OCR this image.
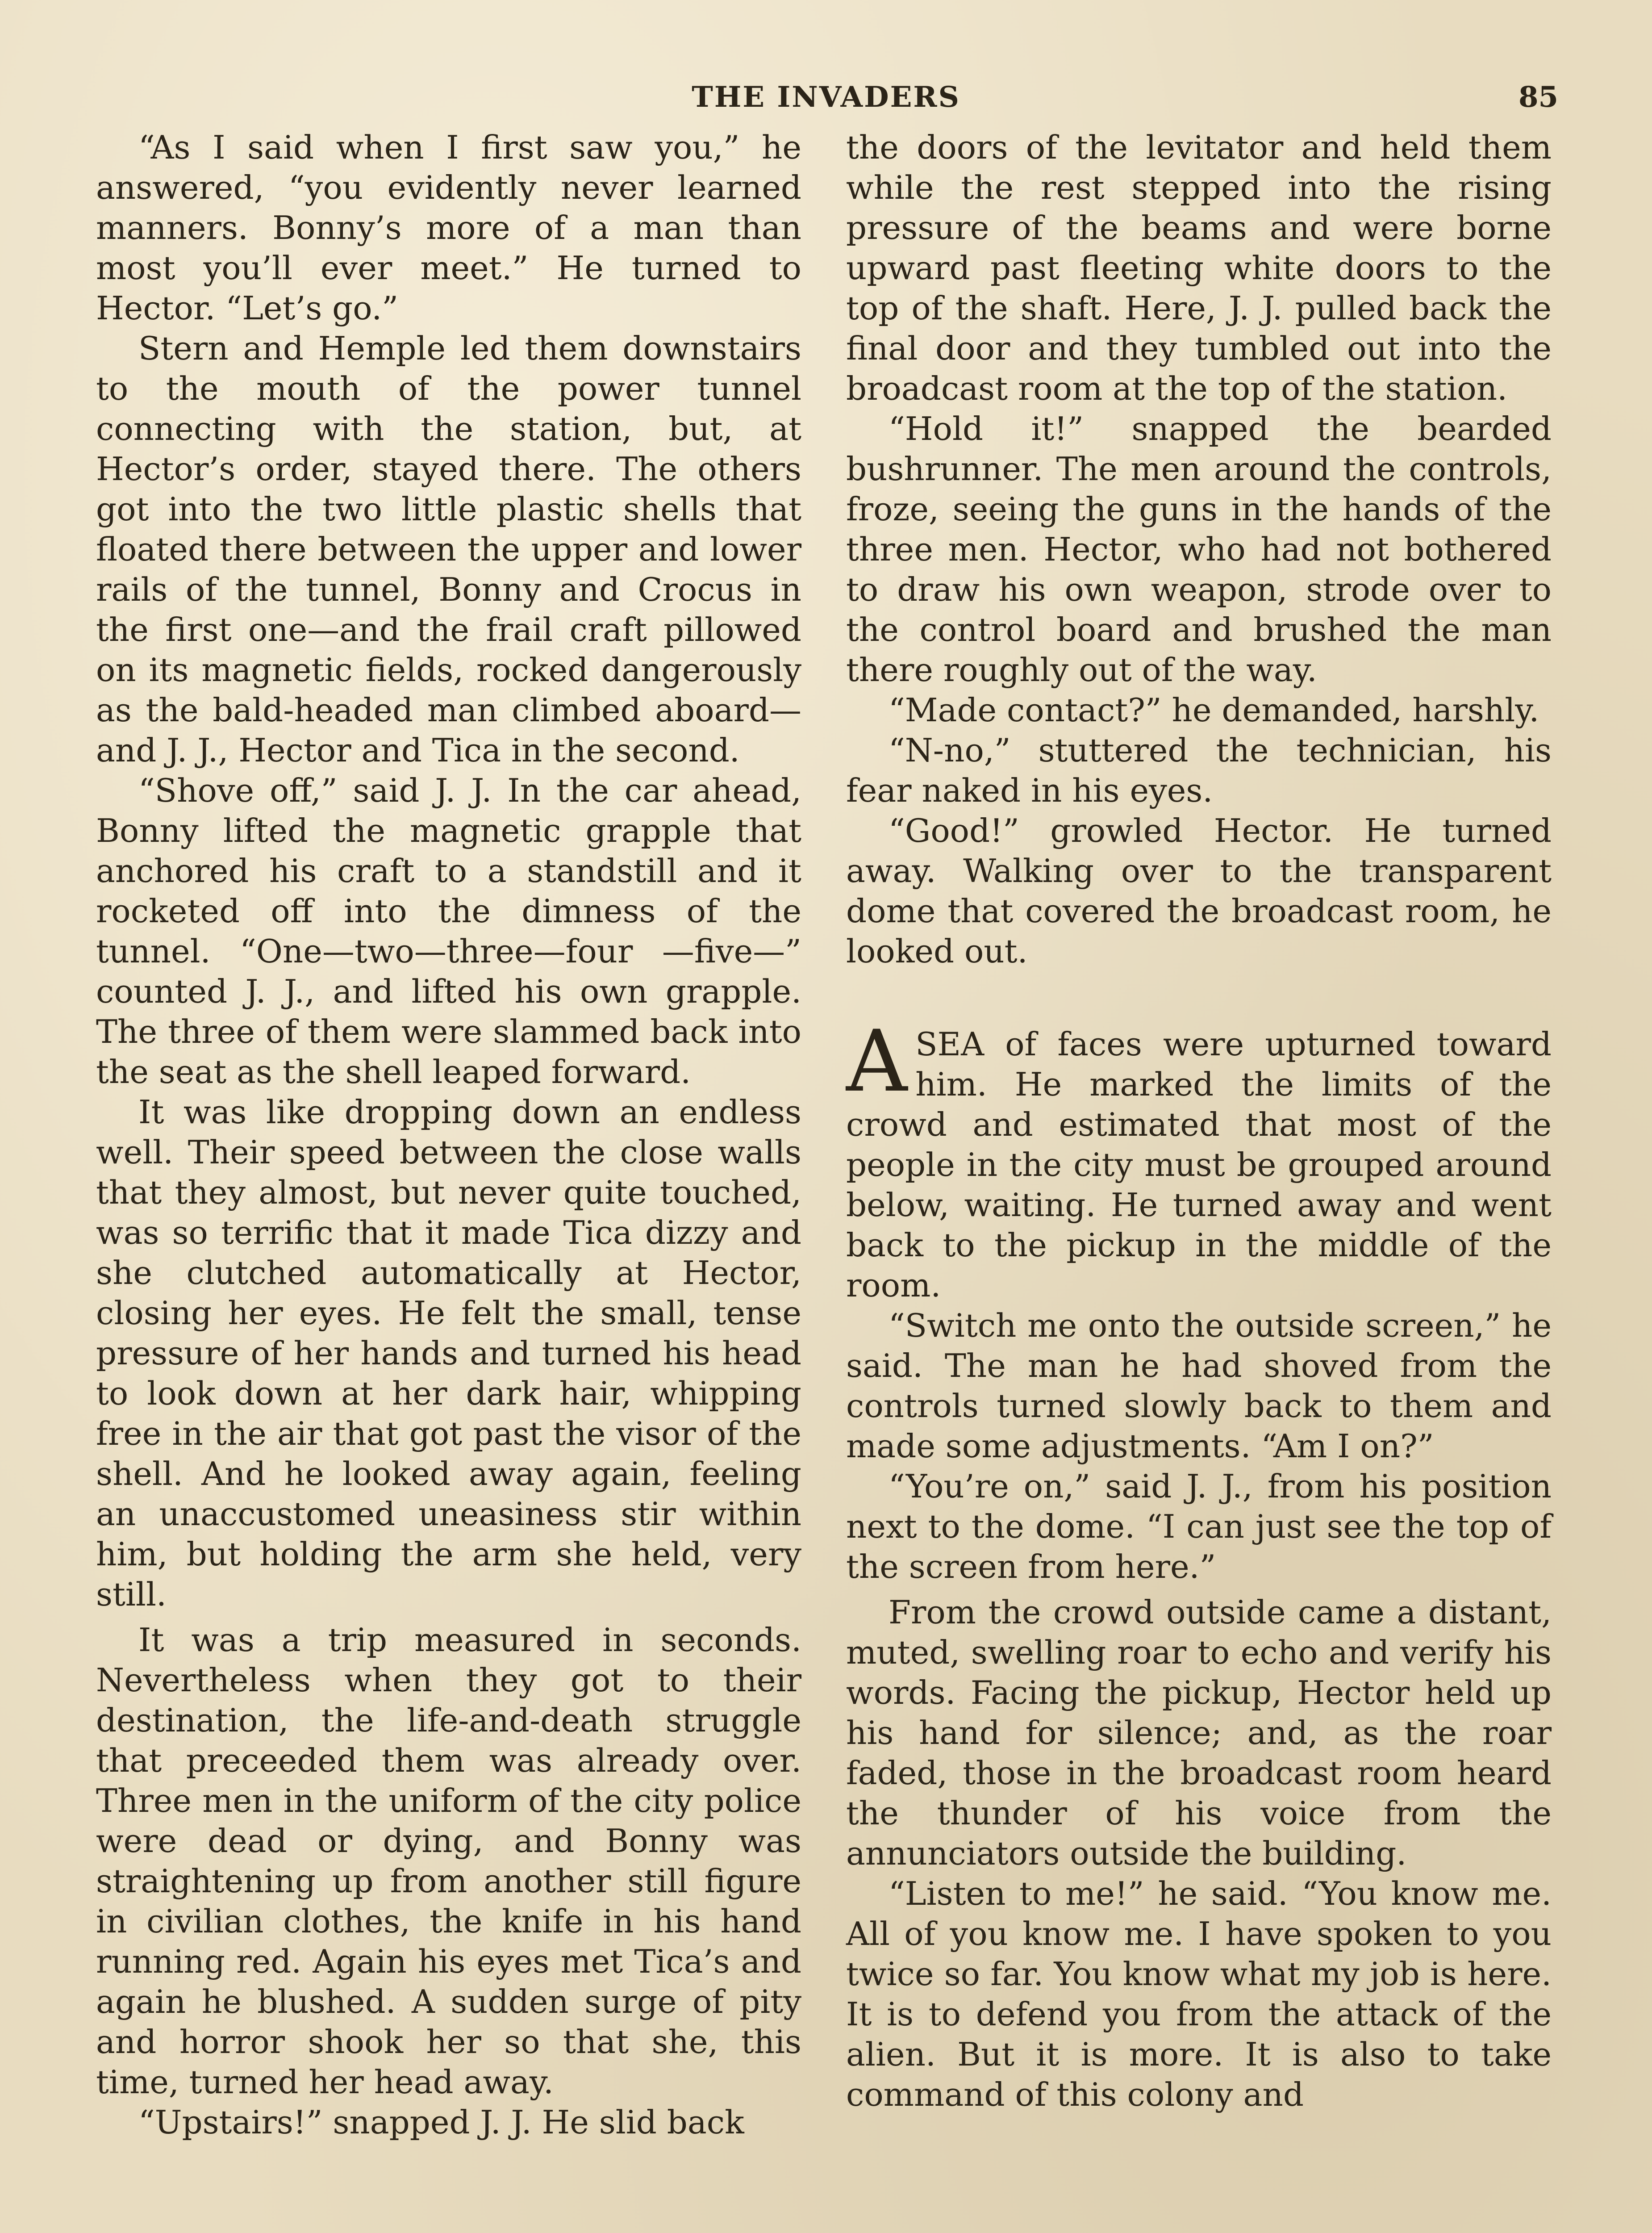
THE INVADERS	85

“As I said when I first saw you,” he answered, “you evidently never learned manners. Bonny’s more of a man than most you’ll ever meet.” He turned to Hector. “Let’s go.”

Stern and Hemple led them downstairs to the mouth of the power tunnel connecting with the station, but, at Hector’s order, stayed there. The others got into the two little plastic shells that floated there between the upper and lower rails of the tunnel, Bonny and Crocus in the first one—and the frail craft pillowed on its magnetic fields, rocked dangerously as the bald-headed man climbed aboard—and J. J., Hector and Tica in the second.

“Shove off,” said J. J. In the car ahead, Bonny lifted the magnetic grapple that anchored his craft to a standstill and it rocketed off into the dimness of the tunnel. “One—two—three—four —five—” counted J. J., and lifted his own grapple. The three of them were slammed back into the seat as the shell leaped forward.

It was like dropping down an endless well. Their speed between the close walls that they almost, but never quite touched, was so terrific that it made Tica dizzy and she clutched automatically at Hector, closing her eyes. He felt the small, tense pressure of her hands and turned his head to look down at her dark hair, whipping free in the air that got past the visor of the shell. And he looked away again, feeling an unaccustomed uneasiness stir within him, but holding the arm she held, very still.

It was a trip measured in seconds. Nevertheless when they got to their destination, the life-and-death struggle that preceeded them was already over. Three men in the uniform of the city police were dead or dying, and Bonny was straightening up from another still figure in civilian clothes, the knife in his hand running red. Again his eyes met Tica’s and again he blushed. A sudden surge of pity and horror shook her so that she, this time, turned her head away.

“Upstairs!” snapped J. J. He slid back

the doors of the levitator and held them while the rest stepped into the rising pressure of the beams and were borne upward past fleeting white doors to the top of the shaft. Here, J. J. pulled back the final door and they tumbled out into the broadcast room at the top of the station.

“Hold it!” snapped the bearded bushrunner. The men around the controls, froze, seeing the guns in the hands of the three men. Hector, who had not bothered to draw his own weapon, strode over to the control board and brushed the man there roughly out of the way.

“Made contact?” he demanded, harshly.

“N-no,” stuttered the technician, his fear naked in his eyes.

“Good!” growled Hector. He turned away. Walking over to the transparent dome that covered the broadcast room, he looked out.

ASEA of faces were upturned toward him. He marked the limits of the crowd and estimated that most of the people in the city must be grouped around below, waiting. He turned away and went back to the pickup in the middle of the room.

“Switch me onto the outside screen,” he said. The man he had shoved from the controls turned slowly back to them and made some adjustments. “Am I on?”

“You’re on,” said J. J., from his position next to the dome. “I can just see the top of the screen from here.”

From the crowd outside came a distant, muted, swelling roar to echo and verify his words. Facing the pickup, Hector held up his hand for silence; and, as the roar faded, those in the broadcast room heard the thunder of his voice from the annunciators outside the building.

“Listen to me!” he said. “You know me. All of you know me. I have spoken to you twice so far. You know what my job is here. It is to defend you from the attack of the alien. But it is more. It is also to take command of this colony and
